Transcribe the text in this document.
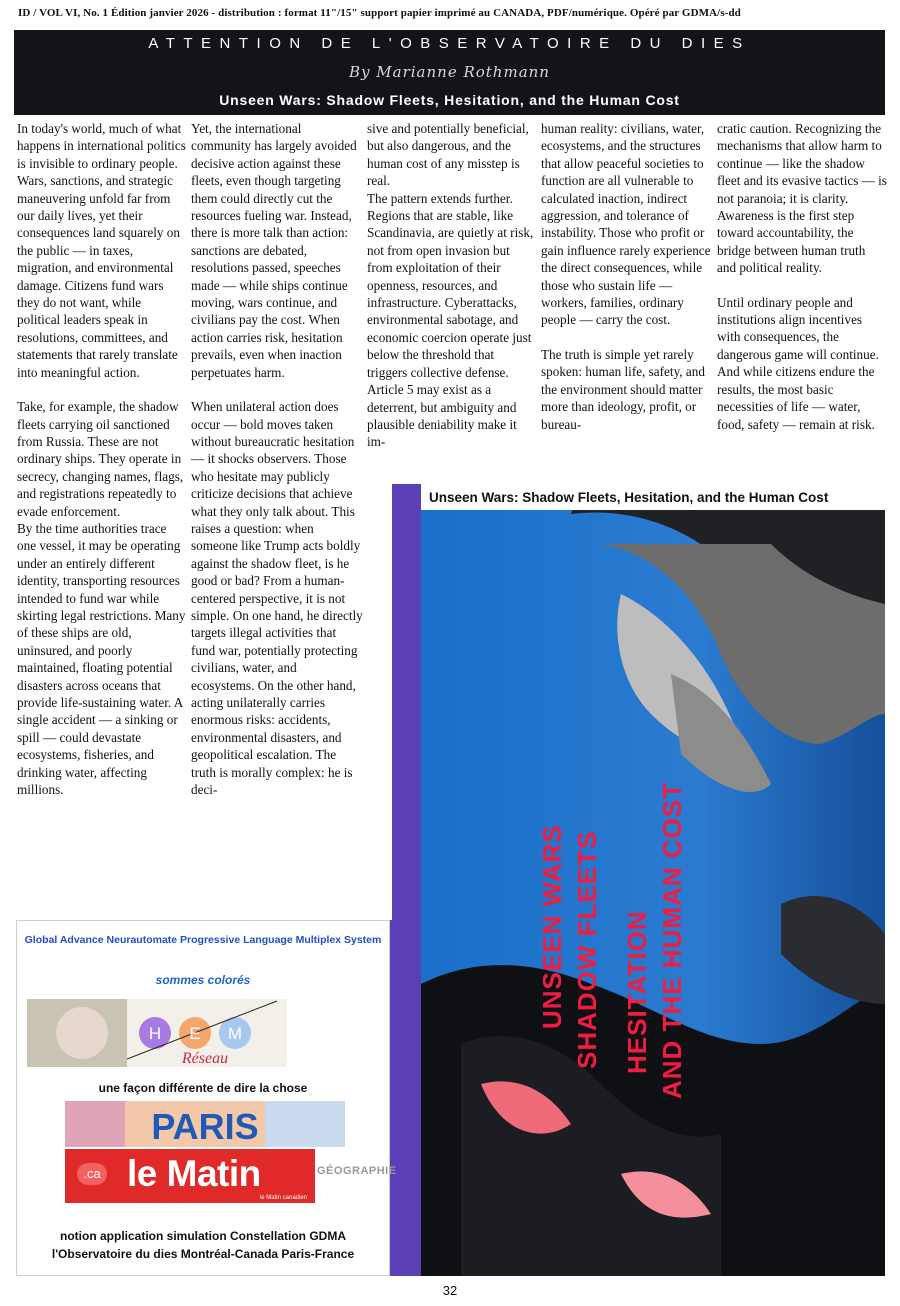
ID / VOL VI, No. 1 Édition janvier 2026 - distribution : format 11"/15" support papier imprimé au CANADA, PDF/numérique. Opéré par GDMA/s-dd
ATTENTION DE L'OBSERVATOIRE DU DIES
By Marianne Rothmann
Unseen Wars: Shadow Fleets, Hesitation, and the Human Cost

In today's world, much of what happens in international politics is invisible to ordinary people. Wars, sanctions, and strategic maneuvering unfold far from our daily lives, yet their consequences land squarely on the public — in taxes, migration, and environmental damage. Citizens fund wars they do not want, while political leaders speak in resolutions, committees, and statements that rarely translate into meaningful action.

Take, for example, the shadow fleets carrying oil sanctioned from Russia. These are not ordinary ships. They operate in secrecy, changing names, flags, and registrations repeatedly to evade enforcement.

By the time authorities trace one vessel, it may be operating under an entirely different identity, transporting resources intended to fund war while skirting legal restrictions. Many of these ships are old, uninsured, and poorly maintained, floating potential disasters across oceans that provide life-sustaining water. A single accident — a sinking or spill — could devastate ecosystems, fisheries, and drinking water, affecting millions.

Yet, the international community has largely avoided decisive action against these fleets, even though targeting them could directly cut the resources fueling war. Instead, there is more talk than action: sanctions are debated, resolutions passed, speeches made — while ships continue moving, wars continue, and civilians pay the cost. When action carries risk, hesitation prevails, even when inaction perpetuates harm.

When unilateral action does occur — bold moves taken without bureaucratic hesitation — it shocks observers. Those who hesitate may publicly criticize decisions that achieve what they only talk about. This raises a question: when someone like Trump acts boldly against the shadow fleet, is he good or bad? From a human-centered perspective, it is not simple. On one hand, he directly targets illegal activities that fund war, potentially protecting civilians, water, and ecosystems. On the other hand, acting unilaterally carries enormous risks: accidents, environmental disasters, and geopolitical escalation. The truth is morally complex: he is deci-

sive and potentially beneficial, but also dangerous, and the human cost of any misstep is real.

The pattern extends further. Regions that are stable, like Scandinavia, are quietly at risk, not from open invasion but from exploitation of their openness, resources, and infrastructure. Cyberattacks, environmental sabotage, and economic coercion operate just below the threshold that triggers collective defense. Article 5 may exist as a deterrent, but ambiguity and plausible deniability make it im-

human reality: civilians, water, ecosystems, and the structures that allow peaceful societies to function are all vulnerable to calculated inaction, indirect aggression, and tolerance of instability. Those who profit or gain influence rarely experience the direct consequences, while those who sustain life — workers, families, ordinary people — carry the cost.

The truth is simple yet rarely spoken: human life, safety, and the environment should matter more than ideology, profit, or bureau-

cratic caution. Recognizing the mechanisms that allow harm to continue — like the shadow fleet and its evasive tactics — is not paranoia; it is clarity. Awareness is the first step toward accountability, the bridge between human truth and political reality.

Until ordinary people and institutions align incentives with consequences, the dangerous game will continue. And while citizens endure the results, the most basic necessities of life — water, food, safety — remain at risk.

Unseen Wars: Shadow Fleets, Hesitation, and the Human Cost
UNSEEN WARS SHADOW FLEETS HESITATION AND THE HUMAN COST
Global Advance Neurautomate Progressive Language Multiplex System
sommes colorés
H E M
Réseau
une façon différente de dire la chose
PARIS
.ca le Matin
le Matin canadien
GÉOGRAPHIE
notion application simulation Constellation GDMA
l'Observatoire du dies Montréal-Canada Paris-France
32
